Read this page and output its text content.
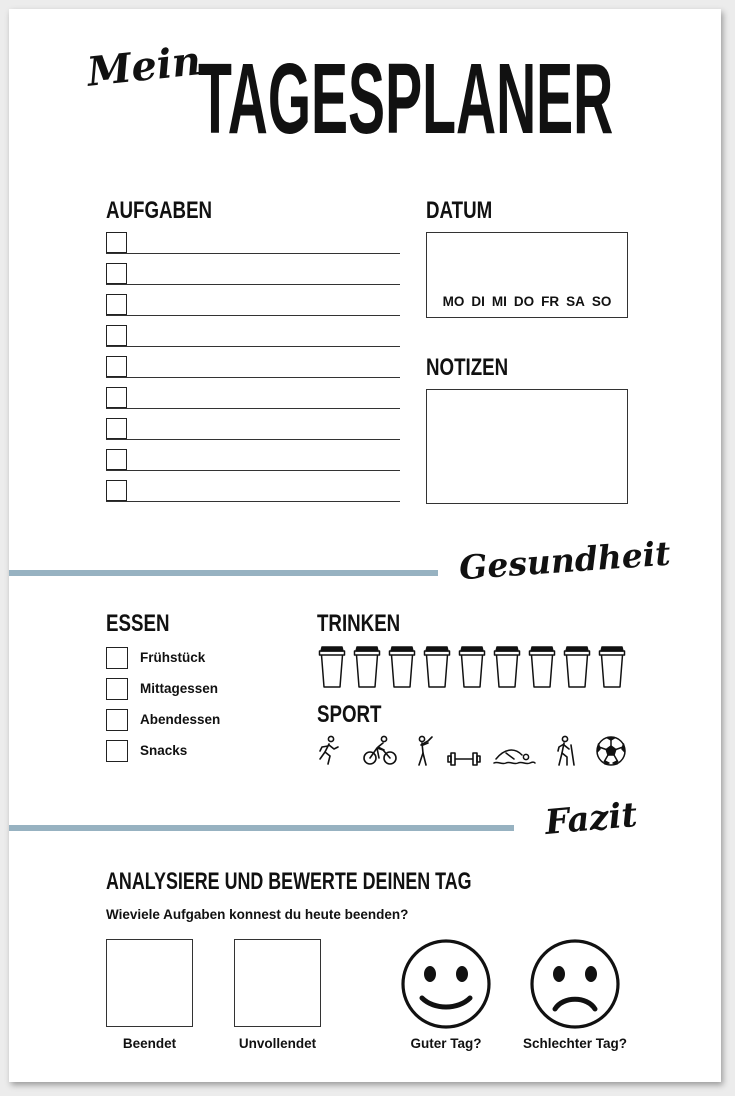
Mein
TAGESPLANER
AUFGABEN	DATUM
MO DI MI DO FR SA SO
NOTIZEN
Gesundheit
ESSEN
Frühstück
Mittagessen
Abendessen
Snacks
TRINKEN
SPORT
Fazit
ANALYSIERE UND BEWERTE DEINEN TAG
Wieviele Aufgaben konnest du heute beenden?
Beendet	Unvollendet	Guter Tag?	Schlechter Tag?
